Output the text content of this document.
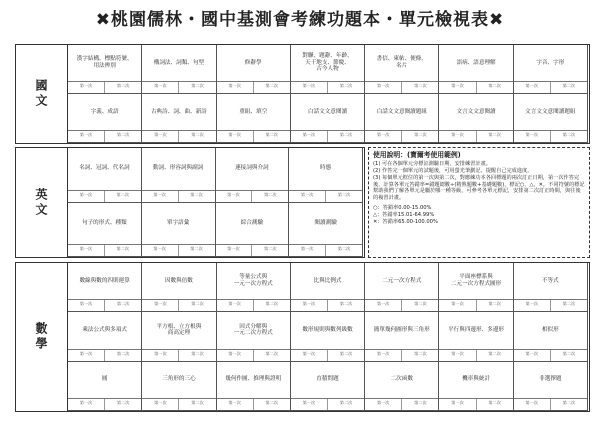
✖桃園儒林・國中基測會考練功題本・單元檢視表✖
國文
漢字結構、標點符號、
用法辨別
第一次	第二次
構詞法、詞類、句型
第一次	第二次
修辭學
第一次	第二次
對聯、題辭、年齡、
天干地支、節慶、
古今人物
第一次	第二次
書信、柬帖、便條、
名片
第一次	第二次
語病、語意理解
第一次	第二次
字音、字形
第一次	第二次
字義、成語
第一次	第二次
古典詩、詞、曲、新詩
第一次	第二次
重組、填空
第一次	第二次
白話文文意閱讀
第一次	第二次
白話文文意閱讀題組
第一次	第二次
文言文文意閱讀
第一次	第二次
文言文文意閱讀題組
第一次	第二次
英文
名詞、冠詞、代名詞
第一次	第二次
動詞、形容詞與副詞
第一次	第二次
連接詞與介詞
第一次	第二次
時態
第一次	第二次
句子的形式、種類
第一次	第二次
單字語彙
第一次	第二次
綜合測驗
第一次	第二次
閱讀測驗
第一次	第二次
使用說明：(寶爾考使用範例)
(1) 可在各個單元旁標註測驗日期，安排練習計畫。
(2) 作答完一個單元的試題後，可用螢光筆劃記，提醒自己完成進度。
(3) 每個單元框位的第一次與第二次，對應練功本各回標題的兩次訂正日期，第一次作答完後，計算各單元答錯率=錯題總數÷(精熟題數+基礎題數)，標記○、△、✕，不同符號的標記幫助我們了解各單元是屬於哪一種等級，可參考各單元標記，安排第二次訂正時間，與往後的複習計畫。
○：答錯率0.00-15.00%
△：答錯率15.01-64.99%
✕：答錯率65.00-100.00%
數學
數線與數的四則運算
第一次	第二次
因數與倍數
第一次	第二次
等量公式與
一元一次方程式
第一次	第二次
比與比例式
第一次	第二次
二元一次方程式
第一次	第二次
平面座標系與
二元一次方程式圖形
第一次	第二次
不等式
第一次	第二次
乘法公式與多項式
第一次	第二次
平方根、立方根與
商高定理
第一次	第二次
因式分解與
一元二次方程式
第一次	第二次
數形規則與數列級數
第一次	第二次
簡單幾何圖形與三角形
第一次	第二次
平行與四邊形、多邊形
第一次	第二次
相似形
第一次	第二次
圓
第一次	第二次
三角形的三心
第一次	第二次
幾何作圖、推理與證明
第一次	第二次
直積問題
第一次	第二次
二次函數
第一次	第二次
機率與統計
第一次	第二次
非選擇題
第一次	第二次
